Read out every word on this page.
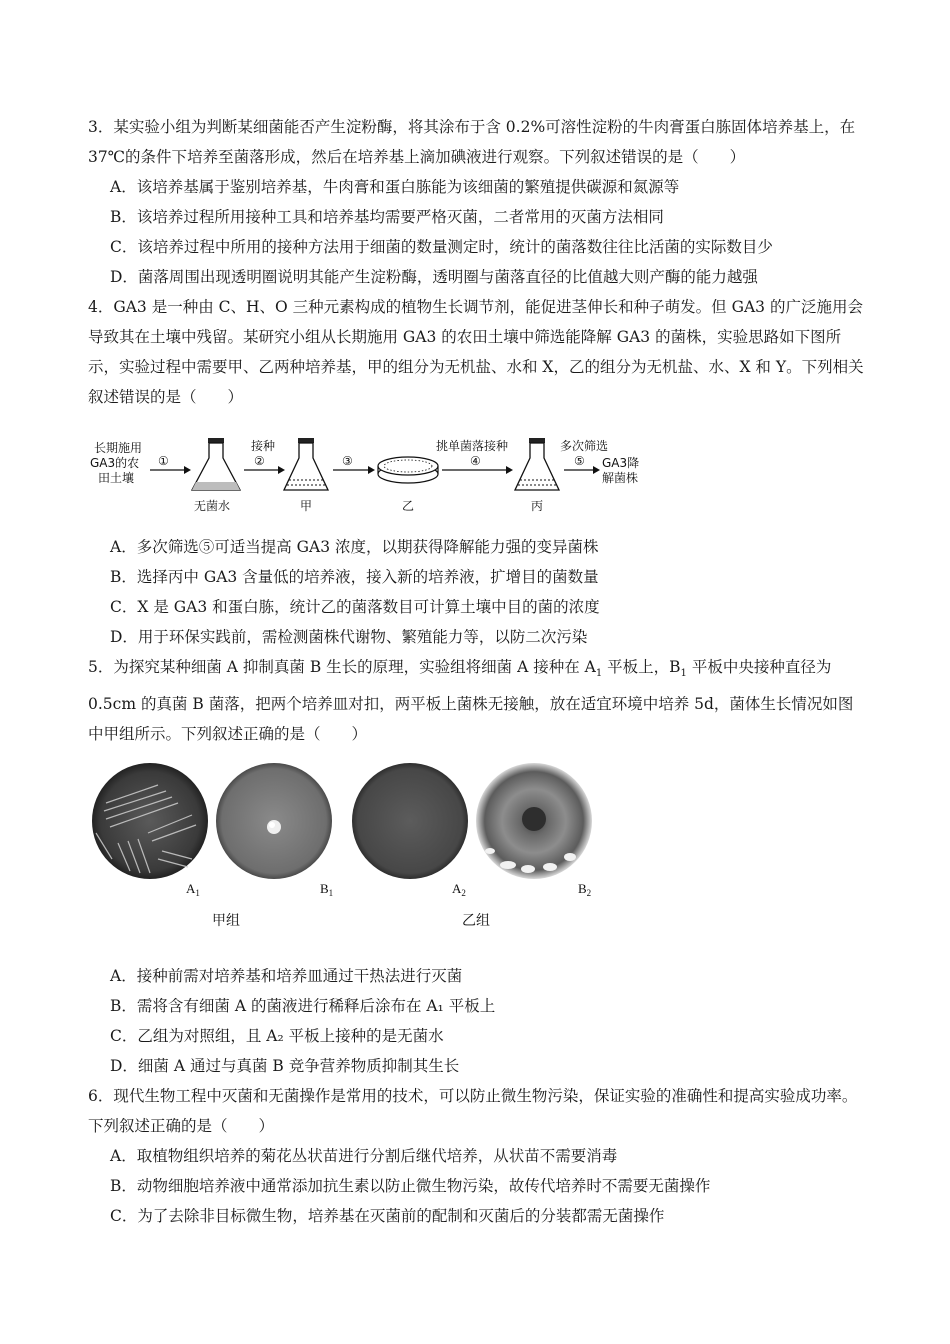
3．某实验小组为判断某细菌能否产生淀粉酶，将其涂布于含 0.2%可溶性淀粉的牛肉膏蛋白胨固体培养基上，在 37℃的条件下培养至菌落形成，然后在培养基上滴加碘液进行观察。下列叙述错误的是（　　）

A．该培养基属于鉴别培养基，牛肉膏和蛋白胨能为该细菌的繁殖提供碳源和氮源等

B．该培养过程所用接种工具和培养基均需要严格灭菌，二者常用的灭菌方法相同

C．该培养过程中所用的接种方法用于细菌的数量测定时，统计的菌落数往往比活菌的实际数目少

D．菌落周围出现透明圈说明其能产生淀粉酶，透明圈与菌落直径的比值越大则产酶的能力越强

4．GA3 是一种由 C、H、O 三种元素构成的植物生长调节剂，能促进茎伸长和种子萌发。但 GA3 的广泛施用会导致其在土壤中残留。某研究小组从长期施用 GA3 的农田土壤中筛选能降解 GA3 的菌株，实验思路如下图所示，实验过程中需要甲、乙两种培养基，甲的组分为无机盐、水和 X，乙的组分为无机盐、水、X 和 Y。下列相关叙述错误的是（　　）

长期施用
GA3的农
田土壤
①
无菌水
接种
②
甲
③
乙
挑单菌落接种
④
丙
多次筛选
⑤ GA3降
解菌株

A．多次筛选⑤可适当提高 GA3 浓度，以期获得降解能力强的变异菌株

B．选择丙中 GA3 含量低的培养液，接入新的培养液，扩增目的菌数量

C．X 是 GA3 和蛋白胨，统计乙的菌落数目可计算土壤中目的菌的浓度

D．用于环保实践前，需检测菌株代谢物、繁殖能力等，以防二次污染

5．为探究某种细菌 A 抑制真菌 B 生长的原理，实验组将细菌 A 接种在 $A_1$ 平板上，$B_1$ 平板中央接种直径为 0.5cm 的真菌 B 菌落，把两个培养皿对扣，两平板上菌株无接触，放在适宜环境中培养 5d，菌体生长情况如图中甲组所示。下列叙述正确的是（　　）

$A_1$	$B_1$	$A_2$	$B_2$
甲组	乙组

A．接种前需对培养基和培养皿通过干热法进行灭菌

B．需将含有细菌 A 的菌液进行稀释后涂布在 A₁ 平板上

C．乙组为对照组，且 A₂ 平板上接种的是无菌水

D．细菌 A 通过与真菌 B 竞争营养物质抑制其生长

6．现代生物工程中灭菌和无菌操作是常用的技术，可以防止微生物污染，保证实验的准确性和提高实验成功率。下列叙述正确的是（　　）

A．取植物组织培养的菊花丛状苗进行分割后继代培养，从状苗不需要消毒

B．动物细胞培养液中通常添加抗生素以防止微生物污染，故传代培养时不需要无菌操作

C．为了去除非目标微生物，培养基在灭菌前的配制和灭菌后的分装都需无菌操作
